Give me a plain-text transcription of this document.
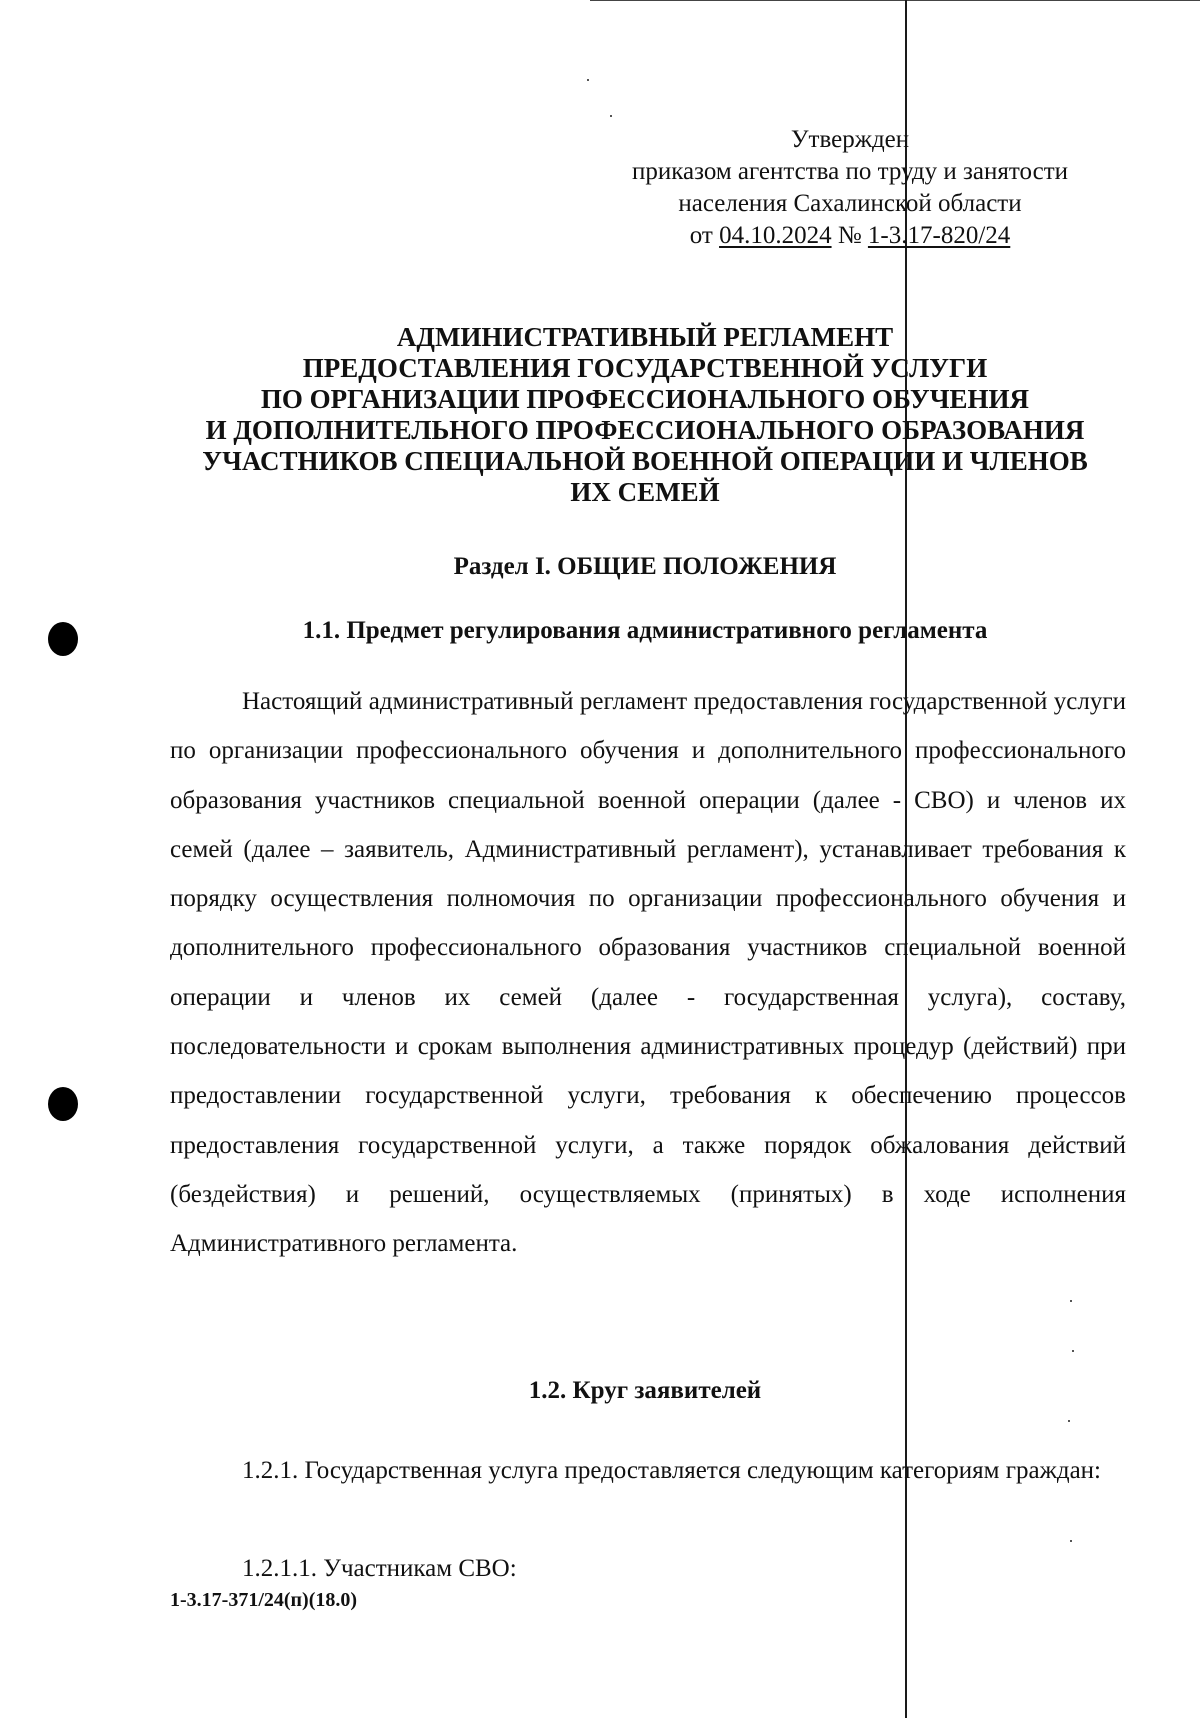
Утвержден
приказом агентства по труду и занятости
населения Сахалинской области
от 04.10.2024 № 1-3.17-820/24
АДМИНИСТРАТИВНЫЙ РЕГЛАМЕНТ
ПРЕДОСТАВЛЕНИЯ ГОСУДАРСТВЕННОЙ УСЛУГИ
ПО ОРГАНИЗАЦИИ ПРОФЕССИОНАЛЬНОГО ОБУЧЕНИЯ
И ДОПОЛНИТЕЛЬНОГО ПРОФЕССИОНАЛЬНОГО ОБРАЗОВАНИЯ
УЧАСТНИКОВ СПЕЦИАЛЬНОЙ ВОЕННОЙ ОПЕРАЦИИ И ЧЛЕНОВ
ИХ СЕМЕЙ
Раздел I. ОБЩИЕ ПОЛОЖЕНИЯ
1.1. Предмет регулирования административного регламента
Настоящий административный регламент предоставления государственной услуги по организации профессионального обучения и дополнительного профессионального образования участников специальной военной операции (далее - СВО) и членов их семей (далее – заявитель, Административный регламент), устанавливает требования к порядку осуществления полномочия по организации профессионального обучения и дополнительного профессионального образования участников специальной военной операции и членов их семей (далее - государственная услуга), составу, последовательности и срокам выполнения административных процедур (действий) при предоставлении государственной услуги, требования к обеспечению процессов предоставления государственной услуги, а также порядок обжалования действий (бездействия) и решений, осуществляемых (принятых) в ходе исполнения Административного регламента.
1.2. Круг заявителей
1.2.1. Государственная услуга предоставляется следующим категориям граждан:
1.2.1.1. Участникам СВО:
1-3.17-371/24(п)(18.0)
